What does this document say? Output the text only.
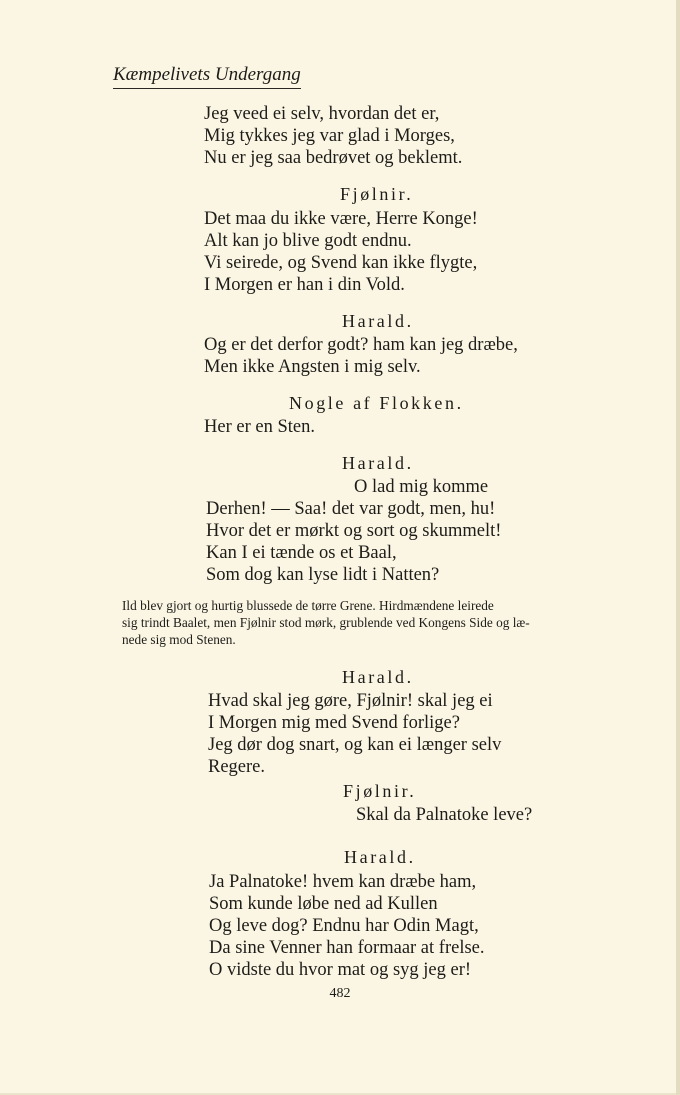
Kæmpelivets Undergang
Jeg veed ei selv, hvordan det er,
Mig tykkes jeg var glad i Morges,
Nu er jeg saa bedrøvet og beklemt.
Fjølnir.
Det maa du ikke være, Herre Konge!
Alt kan jo blive godt endnu.
Vi seirede, og Svend kan ikke flygte,
I Morgen er han i din Vold.
Harald.
Og er det derfor godt? ham kan jeg dræbe,
Men ikke Angsten i mig selv.
Nogle af Flokken.
Her er en Sten.
Harald.
O lad mig komme
Derhen! — Saa! det var godt, men, hu!
Hvor det er mørkt og sort og skummelt!
Kan I ei tænde os et Baal,
Som dog kan lyse lidt i Natten?
Harald.
Hvad skal jeg gøre, Fjølnir! skal jeg ei
I Morgen mig med Svend forlige?
Jeg dør dog snart, og kan ei længer selv
Regere.
Fjølnir.
Skal da Palnatoke leve?
Harald.
Ja Palnatoke! hvem kan dræbe ham,
Som kunde løbe ned ad Kullen
Og leve dog? Endnu har Odin Magt,
Da sine Venner han formaar at frelse.
O vidste du hvor mat og syg jeg er!
Ild blev gjort og hurtig blussede de tørre Grene. Hirdmændene leirede
sig trindt Baalet, men Fjølnir stod mørk, grublende ved Kongens Side og læ-
nede sig mod Stenen.
482
